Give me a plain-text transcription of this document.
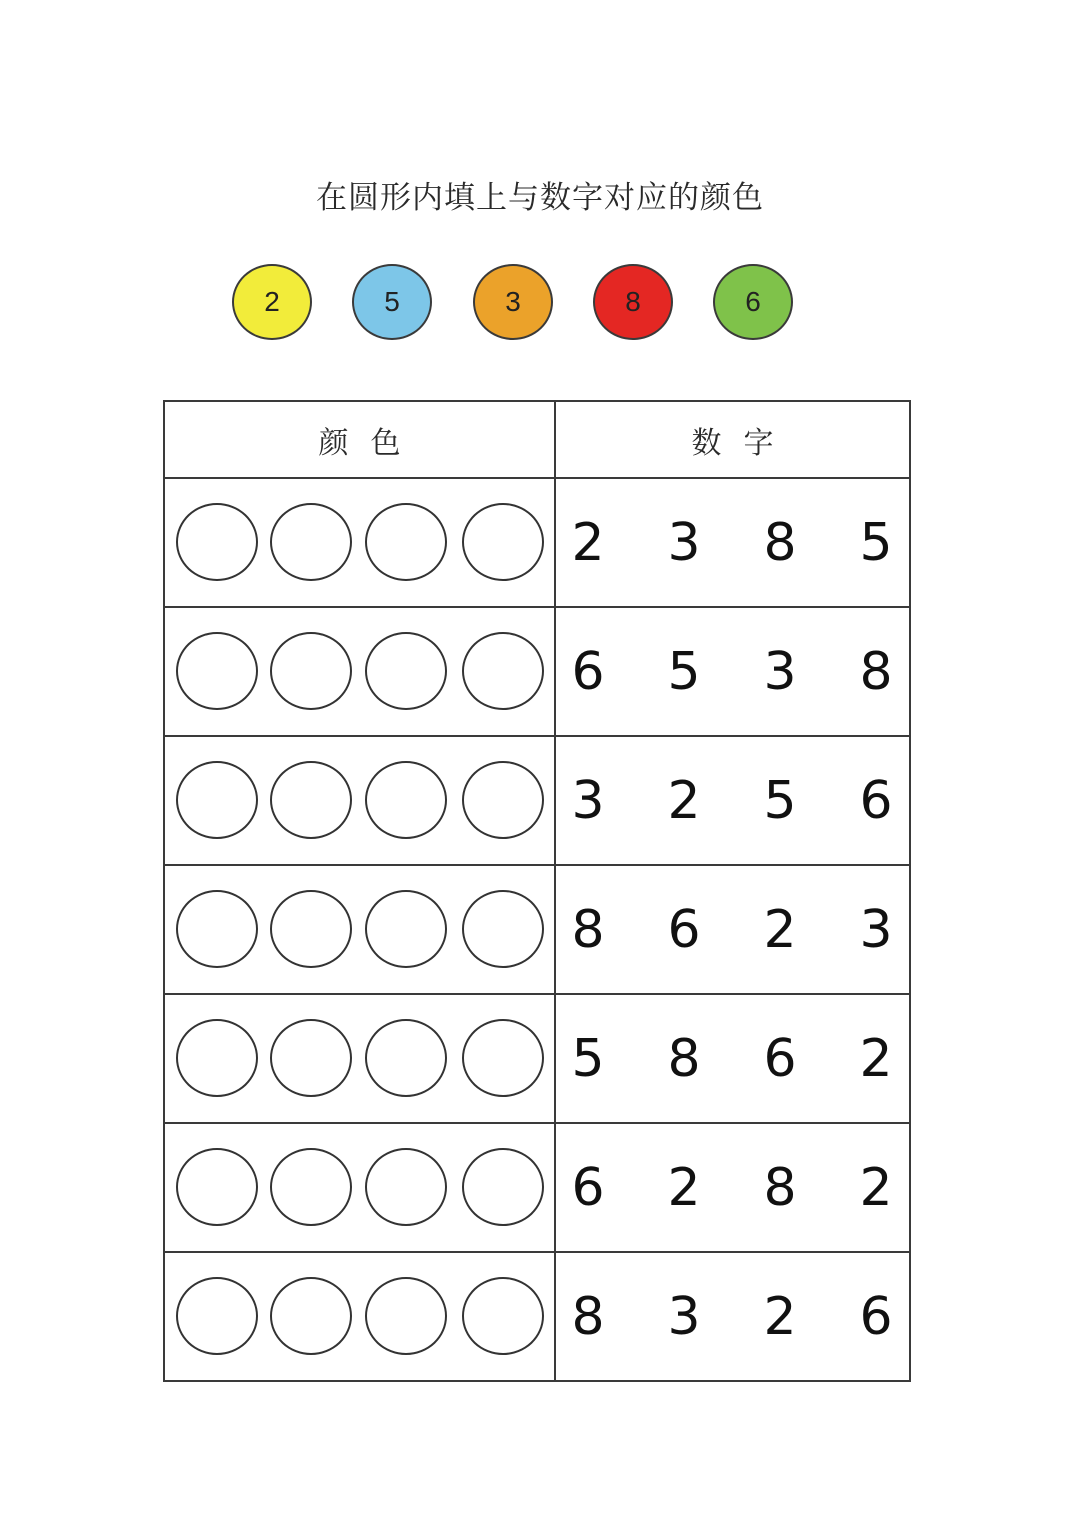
在圆形内填上与数字对应的颜色
2	5	3	8	6
颜色	数字

	2 3 8 5

	6 5 3 8

	3 2 5 6

	8 6 2 3

	5 8 6 2

	6 2 8 2

	8 3 2 6
